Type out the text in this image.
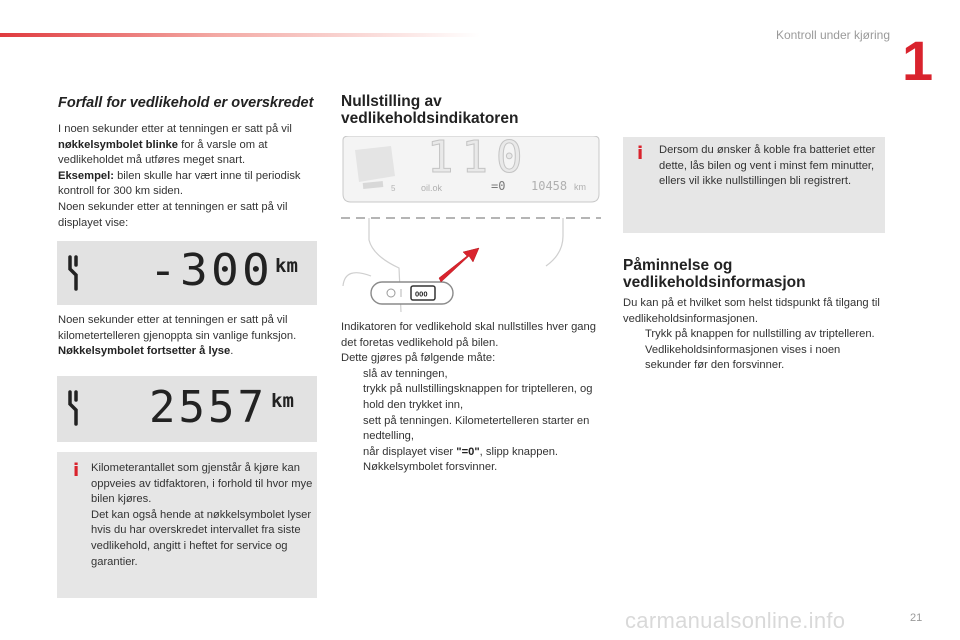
Kontroll under kjøring 1
Forfall for vedlikehold er overskredet
I noen sekunder etter at tenningen er satt på vil nøkkelsymbolet blinke for å varsle om at vedlikeholdet må utføres meget snart.
Eksempel: bilen skulle har vært inne til periodisk kontroll for 300 km siden.
Noen sekunder etter at tenningen er satt på vil displayet vise:
-300 km
Noen sekunder etter at tenningen er satt på vil kilometertelleren gjenoppta sin vanlige funksjon. Nøkkelsymbolet fortsetter å lyse.
2557 km
i Kilometerantallet som gjenstår å kjøre kan oppveies av tidfaktoren, i forhold til hvor mye bilen kjøres.
Det kan også hende at nøkkelsymbolet lyser hvis du har overskredet intervallet fra siste vedlikehold, angitt i heftet for service og garantier.
Nullstilling av
vedlikeholdsindikatoren
5	oil.ok
110
=0 10458 km
000
Indikatoren for vedlikehold skal nullstilles hver gang det foretas vedlikehold på bilen.
Dette gjøres på følgende måte:
slå av tenningen,
trykk på nullstillingsknappen for triptelleren, og hold den trykket inn,
sett på tenningen. Kilometertelleren starter en nedtelling,
når displayet viser "=0", slipp knappen.
Nøkkelsymbolet forsvinner.
i Dersom du ønsker å koble fra batteriet etter dette, lås bilen og vent i minst fem minutter, ellers vil ikke nullstillingen bli registrert.
Påminnelse og
vedlikeholdsinformasjon
Du kan på et hvilket som helst tidspunkt få tilgang til vedlikeholdsinformasjonen.
Trykk på knappen for nullstilling av triptelleren.
Vedlikeholdsinformasjonen vises i noen sekunder før den forsvinner.
21
carmanualsonline.info
